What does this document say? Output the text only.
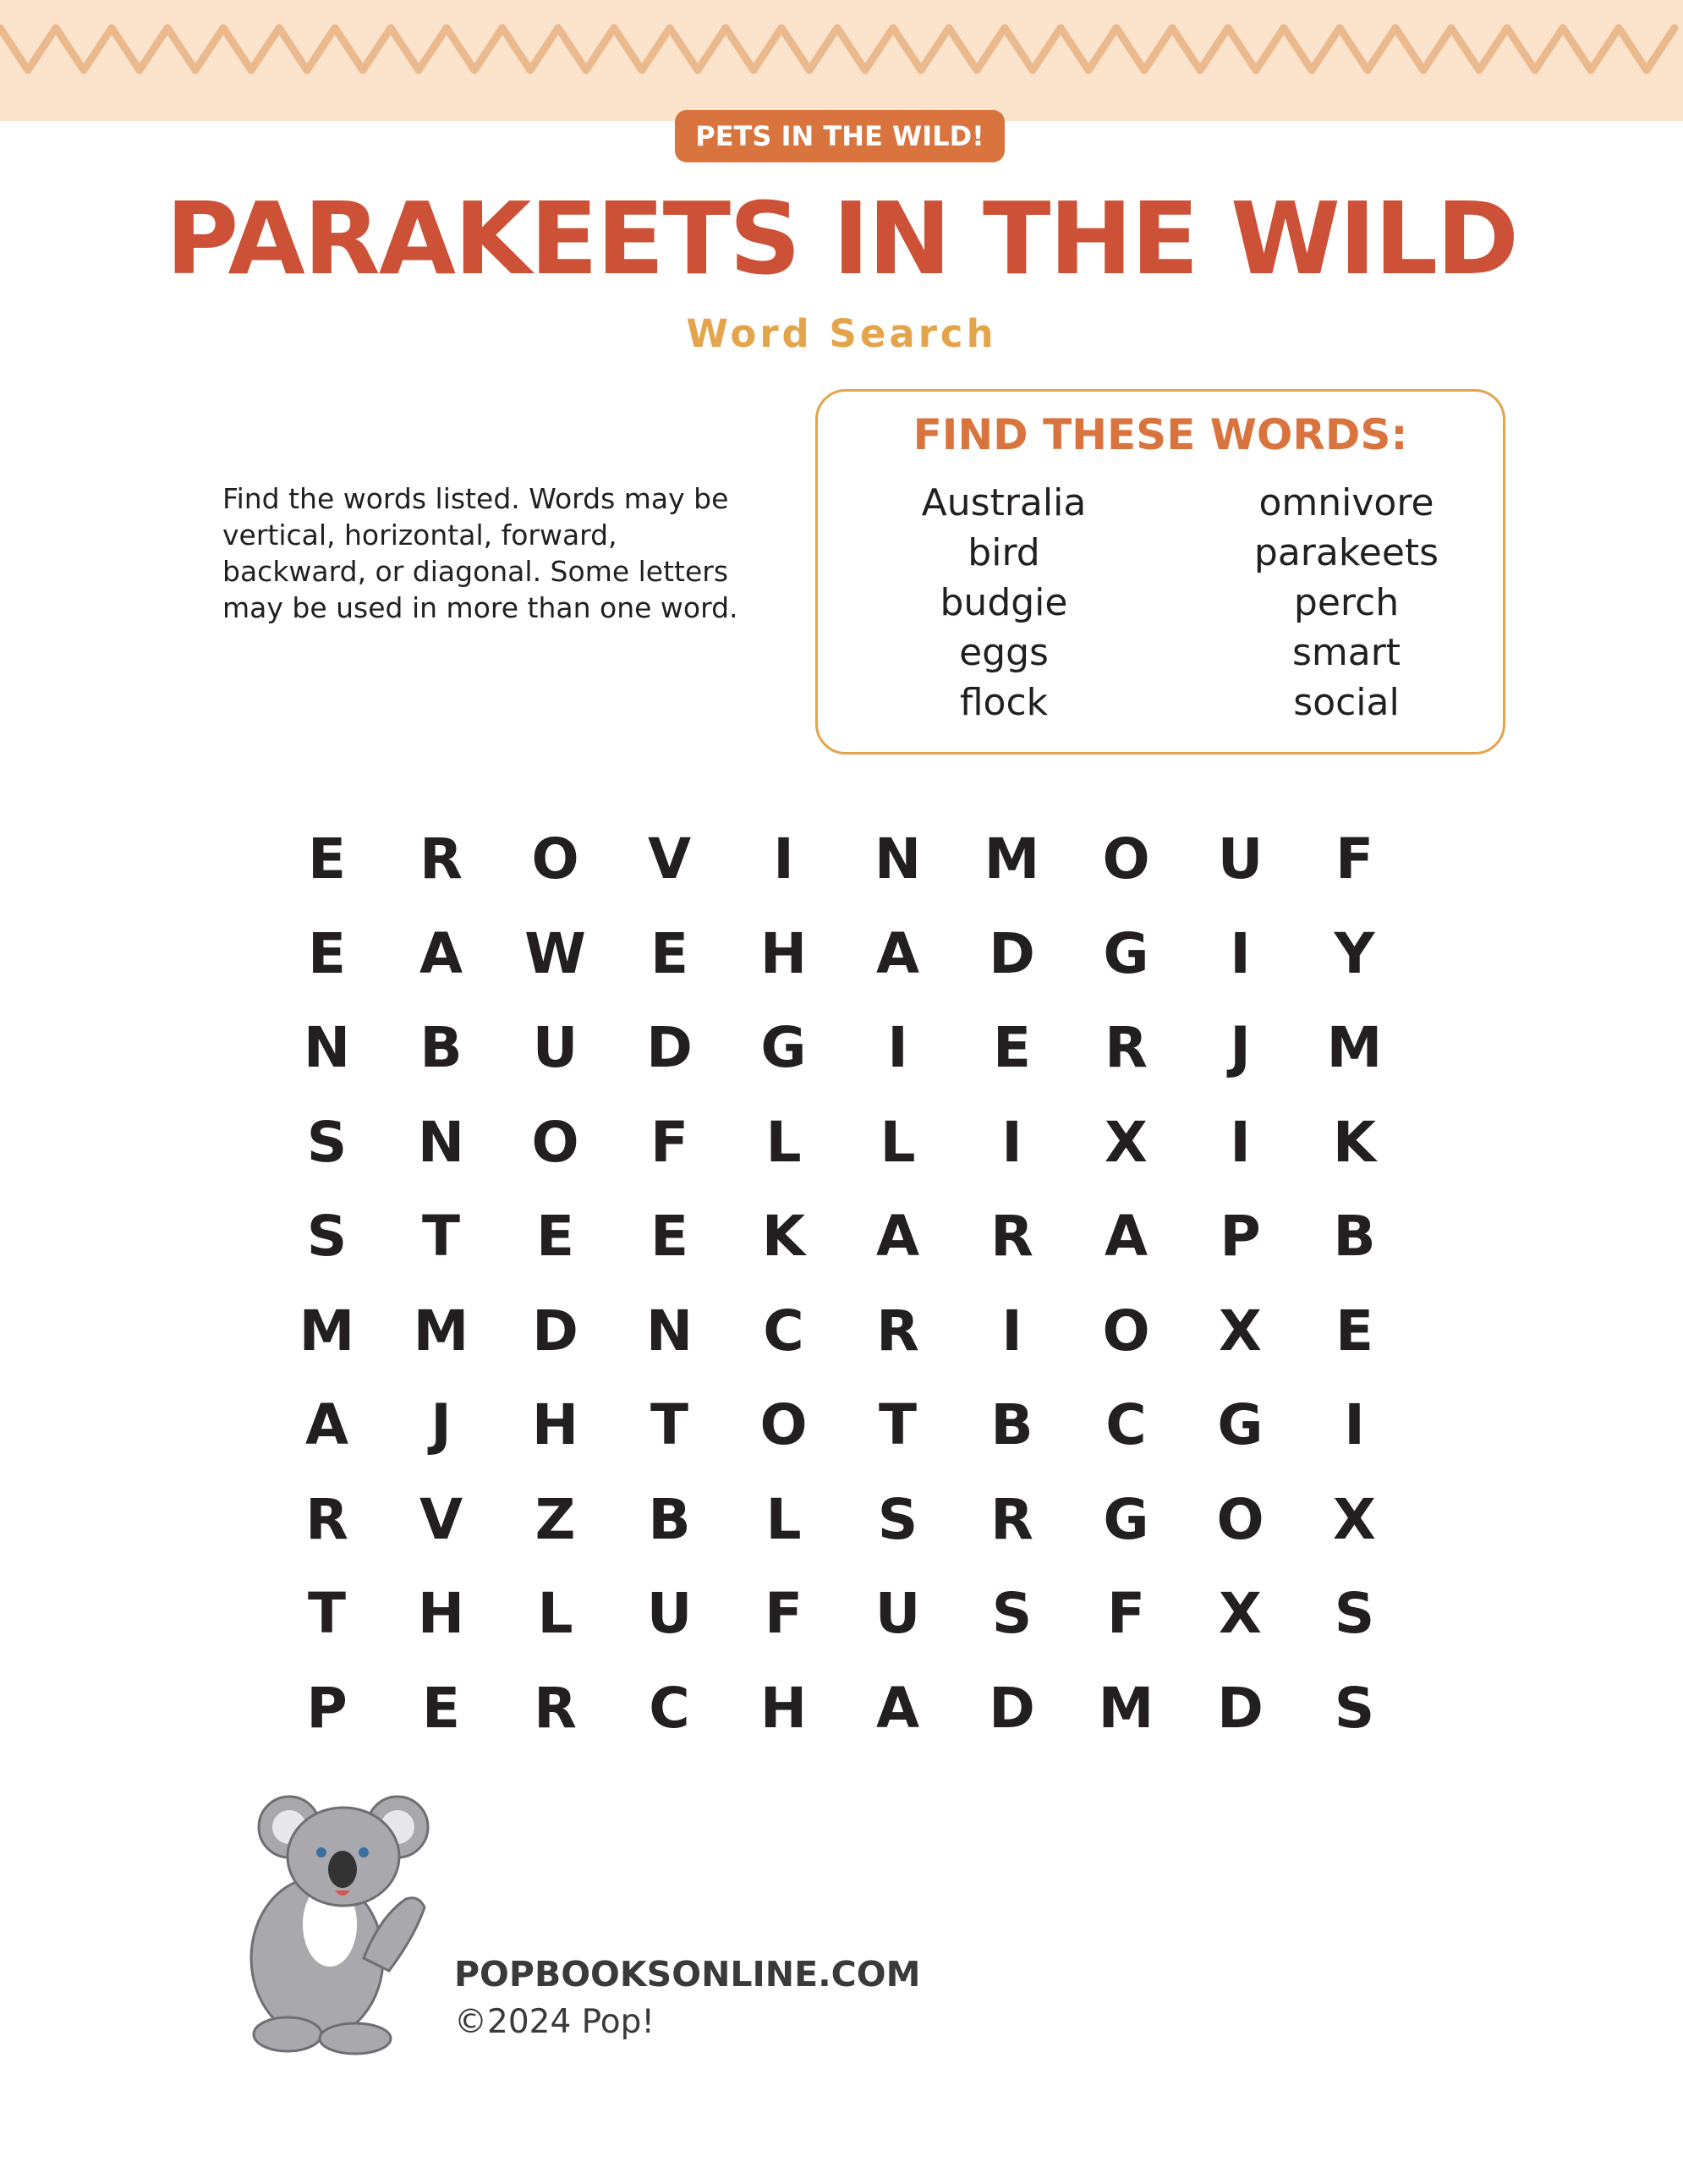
PETS IN THE WILD!
PARAKEETS IN THE WILD
Word Search
Find the words listed. Words may be vertical, horizontal, forward, backward, or diagonal. Some letters may be used in more than one word.
FIND THESE WORDS:
Australia
bird
budgie
eggs
flock
omnivore
parakeets
perch
smart
social
E	R	O	V	I	N	M	O	U	F
E	A	W	E	H	A	D	G	I	Y
N	B	U	D	G	I	E	R	J	M
S	N	O	F	L	L	I	X	I	K
S	T	E	E	K	A	R	A	P	B
M	M	D	N	C	R	I	O	X	E
A	J	H	T	O	T	B	C	G	I
R	V	Z	B	L	S	R	G	O	X
T	H	L	U	F	U	S	F	X	S
P	E	R	C	H	A	D	M	D	S
POPBOOKSONLINE.COM
©2024 Pop!
